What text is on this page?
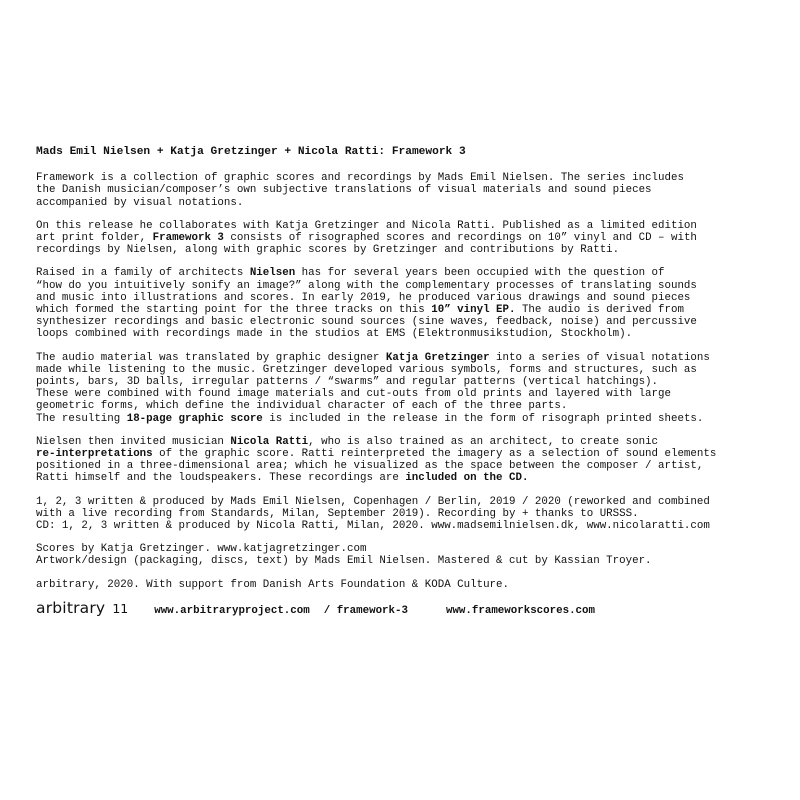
Mads Emil Nielsen + Katja Gretzinger + Nicola Ratti: Framework 3
Framework is a collection of graphic scores and recordings by Mads Emil Nielsen. The series includes
the Danish musician/composer’s own subjective translations of visual materials and sound pieces
accompanied by visual notations.
On this release he collaborates with Katja Gretzinger and Nicola Ratti. Published as a limited edition
art print folder, Framework 3 consists of risographed scores and recordings on 10” vinyl and CD – with
recordings by Nielsen, along with graphic scores by Gretzinger and contributions by Ratti.
Raised in a family of architects Nielsen has for several years been occupied with the question of
“how do you intuitively sonify an image?” along with the complementary processes of translating sounds
and music into illustrations and scores. In early 2019, he produced various drawings and sound pieces
which formed the starting point for the three tracks on this 10” vinyl EP. The audio is derived from
synthesizer recordings and basic electronic sound sources (sine waves, feedback, noise) and percussive
loops combined with recordings made in the studios at EMS (Elektronmusikstudion, Stockholm).
The audio material was translated by graphic designer Katja Gretzinger into a series of visual notations
made while listening to the music. Gretzinger developed various symbols, forms and structures, such as
points, bars, 3D balls, irregular patterns / “swarms” and regular patterns (vertical hatchings).
These were combined with found image materials and cut-outs from old prints and layered with large
geometric forms, which define the individual character of each of the three parts.
The resulting 18-page graphic score is included in the release in the form of risograph printed sheets.
Nielsen then invited musician Nicola Ratti, who is also trained as an architect, to create sonic
re-interpretations of the graphic score. Ratti reinterpreted the imagery as a selection of sound elements
positioned in a three-dimensional area; which he visualized as the space between the composer / artist,
Ratti himself and the loudspeakers. These recordings are included on the CD.
1, 2, 3 written & produced by Mads Emil Nielsen, Copenhagen / Berlin, 2019 / 2020 (reworked and combined
with a live recording from Standards, Milan, September 2019). Recording by + thanks to URSSS.
CD: 1, 2, 3 written & produced by Nicola Ratti, Milan, 2020. www.madsemilnielsen.dk, www.nicolaratti.com
Scores by Katja Gretzinger. www.katjagretzinger.com
Artwork/design (packaging, discs, text) by Mads Emil Nielsen. Mastered & cut by Kassian Troyer.
arbitrary, 2020. With support from Danish Arts Foundation & KODA Culture.
arbitrary 11 www.arbitraryproject.com / framework-3	www.frameworkscores.com
